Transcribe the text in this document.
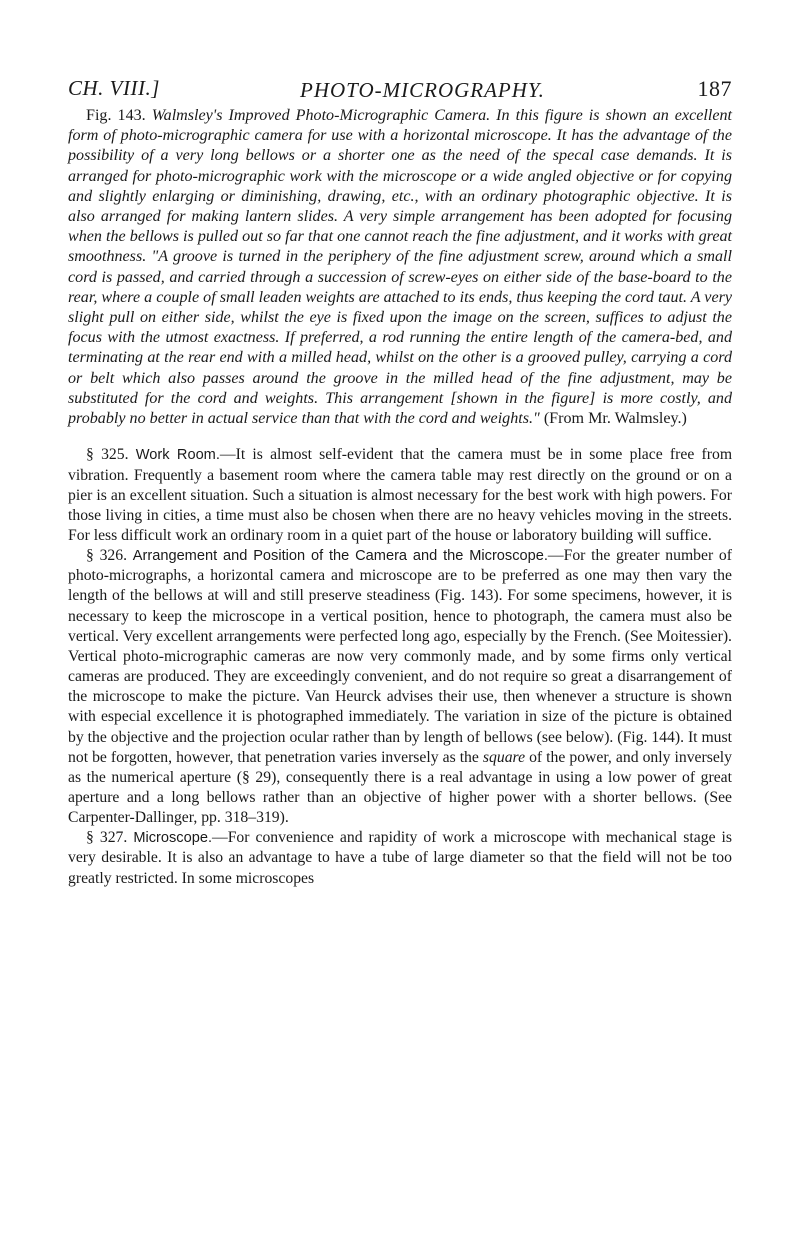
CH. VIII.]	PHOTO-MICROGRAPHY.	187

Fig. 143. Walmsley's Improved Photo-Micrographic Camera. In this figure is shown an excellent form of photo-micrographic camera for use with a horizontal microscope. It has the advantage of the possibility of a very long bellows or a shorter one as the need of the specal case demands. It is arranged for photo-micrographic work with the microscope or a wide angled objective or for copying and slightly enlarging or diminishing, drawing, etc., with an ordinary photographic objective. It is also arranged for making lantern slides. A very simple arrangement has been adopted for focusing when the bellows is pulled out so far that one cannot reach the fine adjustment, and it works with great smoothness. "A groove is turned in the periphery of the fine adjustment screw, around which a small cord is passed, and carried through a succession of screw-eyes on either side of the base-board to the rear, where a couple of small leaden weights are attached to its ends, thus keeping the cord taut. A very slight pull on either side, whilst the eye is fixed upon the image on the screen, suffices to adjust the focus with the utmost exactness. If preferred, a rod running the entire length of the camera-bed, and terminating at the rear end with a milled head, whilst on the other is a grooved pulley, carrying a cord or belt which also passes around the groove in the milled head of the fine adjustment, may be substituted for the cord and weights. This arrangement [shown in the figure] is more costly, and probably no better in actual service than that with the cord and weights." (From Mr. Walmsley.)

§ 325. Work Room.—It is almost self-evident that the camera must be in some place free from vibration. Frequently a basement room where the camera table may rest directly on the ground or on a pier is an excellent situation. Such a situation is almost necessary for the best work with high powers. For those living in cities, a time must also be chosen when there are no heavy vehicles moving in the streets. For less difficult work an ordinary room in a quiet part of the house or laboratory building will suffice.

§ 326. Arrangement and Position of the Camera and the Microscope.—For the greater number of photo-micrographs, a horizontal camera and microscope are to be preferred as one may then vary the length of the bellows at will and still preserve steadiness (Fig. 143). For some specimens, however, it is necessary to keep the microscope in a vertical position, hence to photograph, the camera must also be vertical. Very excellent arrangements were perfected long ago, especially by the French. (See Moitessier).

Vertical photo-micrographic cameras are now very commonly made, and by some firms only vertical cameras are produced. They are exceedingly convenient, and do not require so great a disarrangement of the microscope to make the picture. Van Heurck advises their use, then whenever a structure is shown with especial excellence it is photographed immediately. The variation in size of the picture is obtained by the objective and the projection ocular rather than by length of bellows (see below). (Fig. 144). It must not be forgotten, however, that penetration varies inversely as the square of the power, and only inversely as the numerical aperture (§ 29), consequently there is a real advantage in using a low power of great aperture and a long bellows rather than an objective of higher power with a shorter bellows. (See Carpenter-Dallinger, pp. 318–319).

§ 327. Microscope.—For convenience and rapidity of work a microscope with mechanical stage is very desirable. It is also an advantage to have a tube of large diameter so that the field will not be too greatly restricted. In some microscopes
